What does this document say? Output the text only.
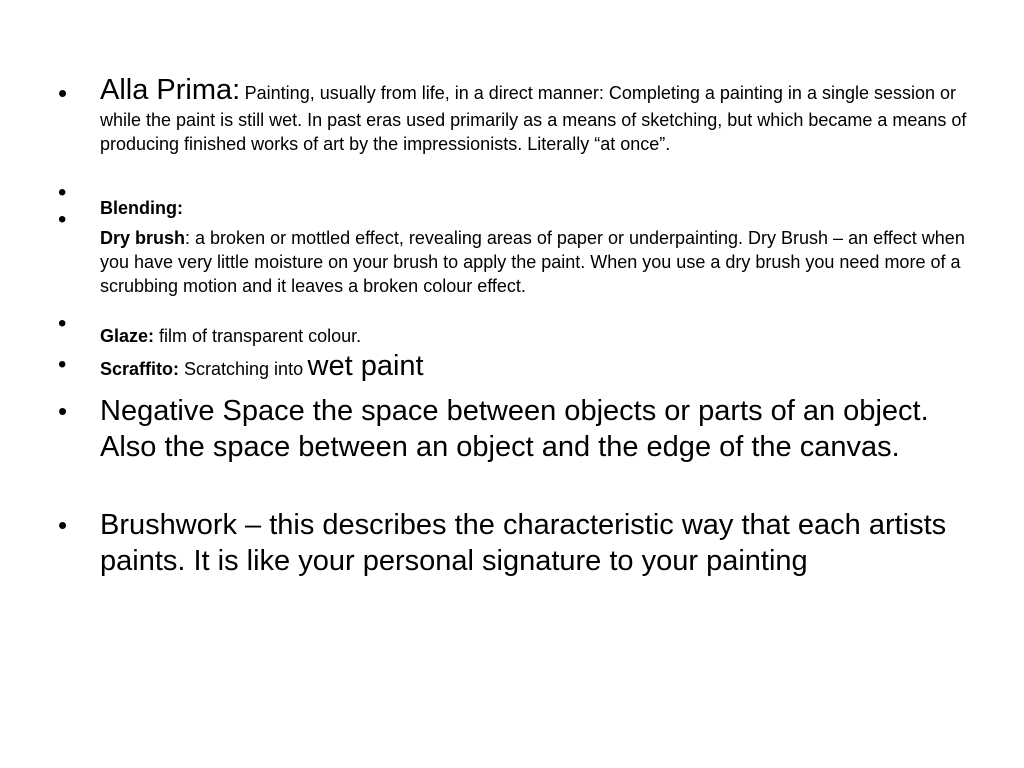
• Alla Prima: Painting, usually from life, in a direct manner: Completing a painting in a single session or while the paint is still wet. In past eras used primarily as a means of sketching, but which became a means of producing finished works of art by the impressionists. Literally “at once”.
•
• Blending:
Dry brush: a broken or mottled effect, revealing areas of paper or underpainting. Dry Brush – an effect when you have very little moisture on your brush to apply the paint. When you use a dry brush you need more of a scrubbing motion and it leaves a broken colour effect.
• Glaze: film of transparent colour.
• Scraffito: Scratching into wet paint
• Negative Space the space between objects or parts of an object. Also the space between an object and the edge of the canvas.
• Brushwork – this describes the characteristic way that each artists paints. It is like your personal signature to your painting
